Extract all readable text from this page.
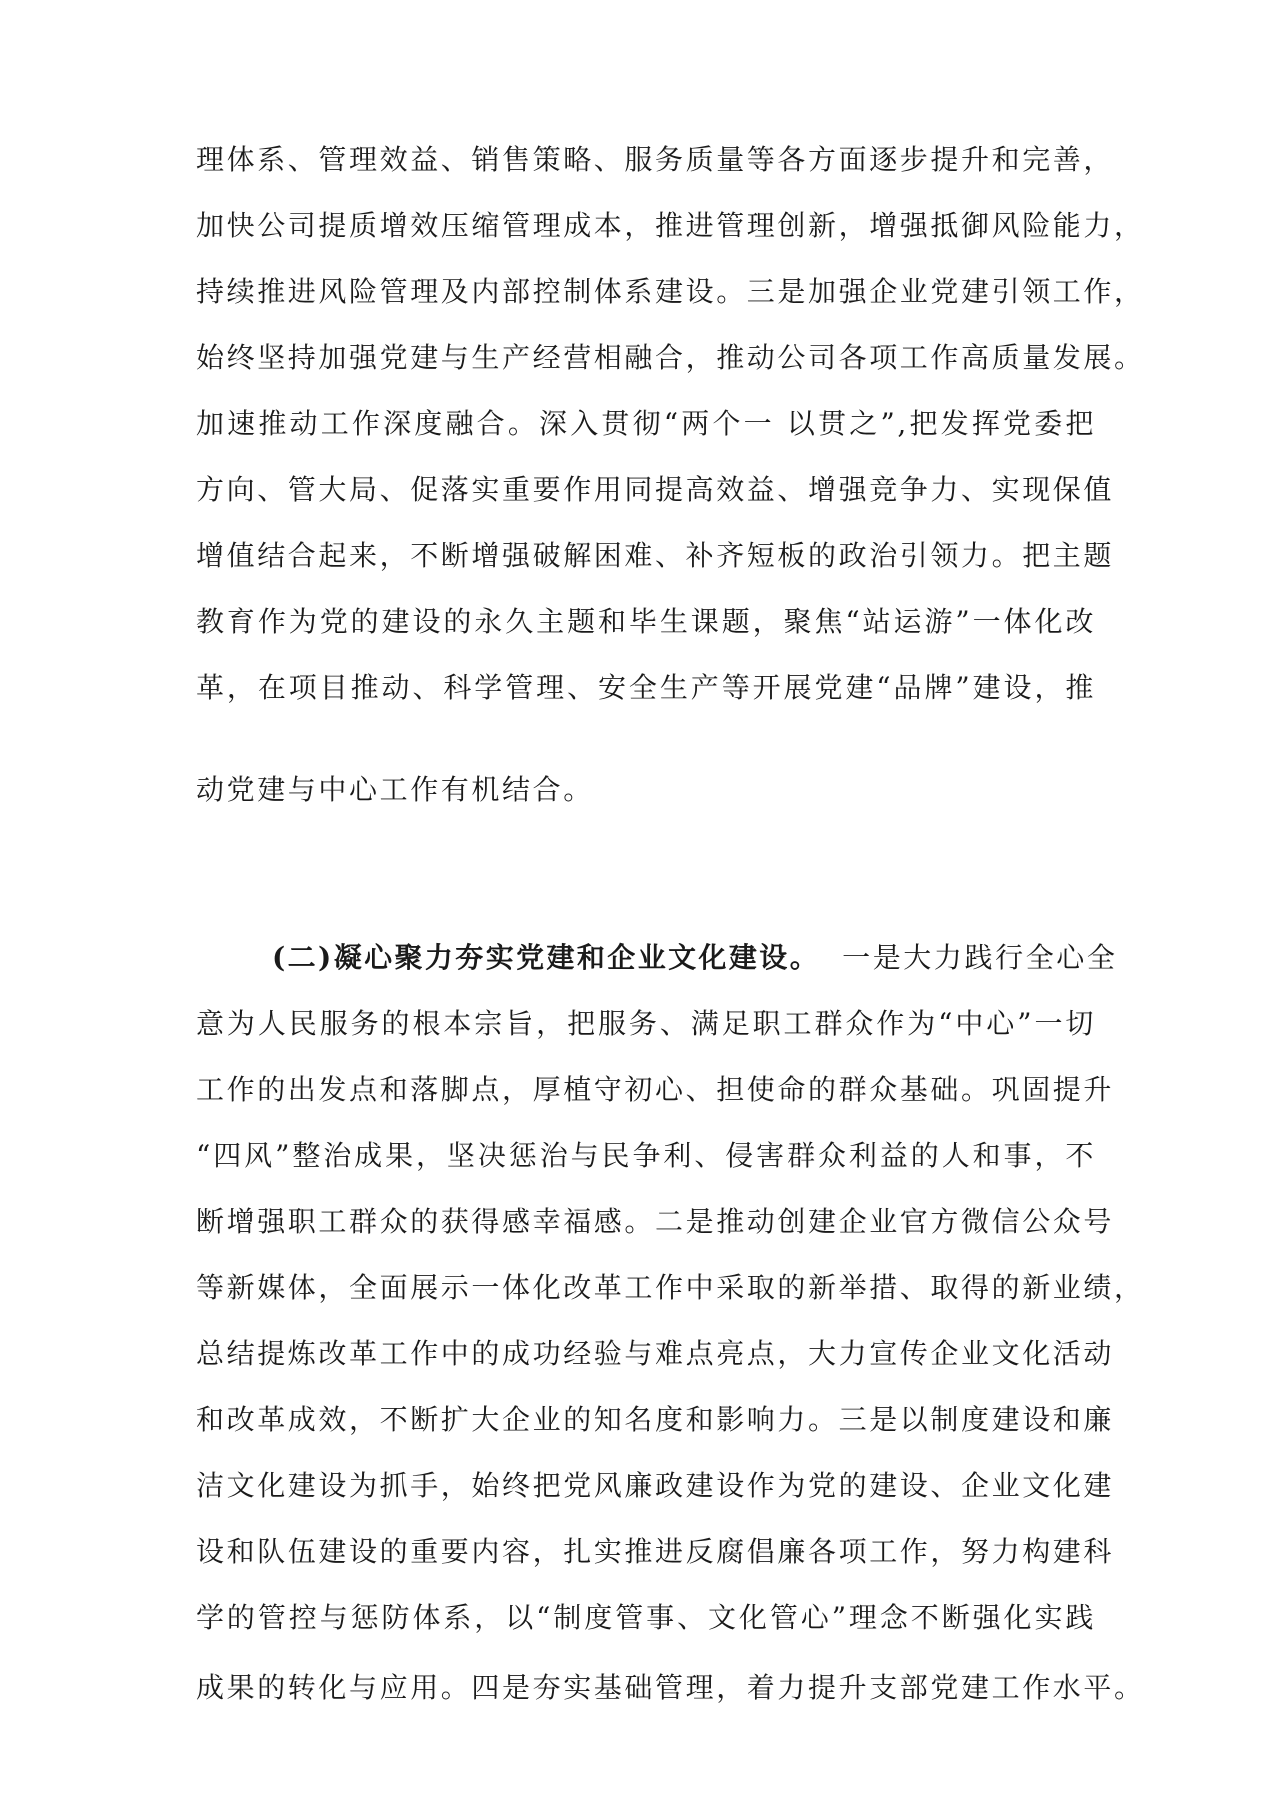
理体系、管理效益、销售策略、服务质量等各方面逐步提升和完善，
加快公司提质增效压缩管理成本，推进管理创新，增强抵御风险能力，
持续推进风险管理及内部控制体系建设。三是加强企业党建引领工作，
始终坚持加强党建与生产经营相融合，推动公司各项工作高质量发展。
加速推动工作深度融合。深入贯彻“两个一 以贯之”,把发挥党委把
方向、管大局、促落实重要作用同提高效益、增强竞争力、实现保值
增值结合起来，不断增强破解困难、补齐短板的政治引领力。把主题
教育作为党的建设的永久主题和毕生课题，聚焦“站运游”一体化改
革，在项目推动、科学管理、安全生产等开展党建“品牌”建设，推
动党建与中心工作有机结合。
(二)凝心聚力夯实党建和企业文化建设。 一是大力践行全心全
意为人民服务的根本宗旨，把服务、满足职工群众作为“中心”一切
工作的出发点和落脚点，厚植守初心、担使命的群众基础。巩固提升
“四风”整治成果，坚决惩治与民争利、侵害群众利益的人和事，不
断增强职工群众的获得感幸福感。二是推动创建企业官方微信公众号
等新媒体，全面展示一体化改革工作中采取的新举措、取得的新业绩，
总结提炼改革工作中的成功经验与难点亮点，大力宣传企业文化活动
和改革成效，不断扩大企业的知名度和影响力。三是以制度建设和廉
洁文化建设为抓手，始终把党风廉政建设作为党的建设、企业文化建
设和队伍建设的重要内容，扎实推进反腐倡廉各项工作，努力构建科
学的管控与惩防体系，以“制度管事、文化管心”理念不断强化实践
成果的转化与应用。四是夯实基础管理，着力提升支部党建工作水平。
